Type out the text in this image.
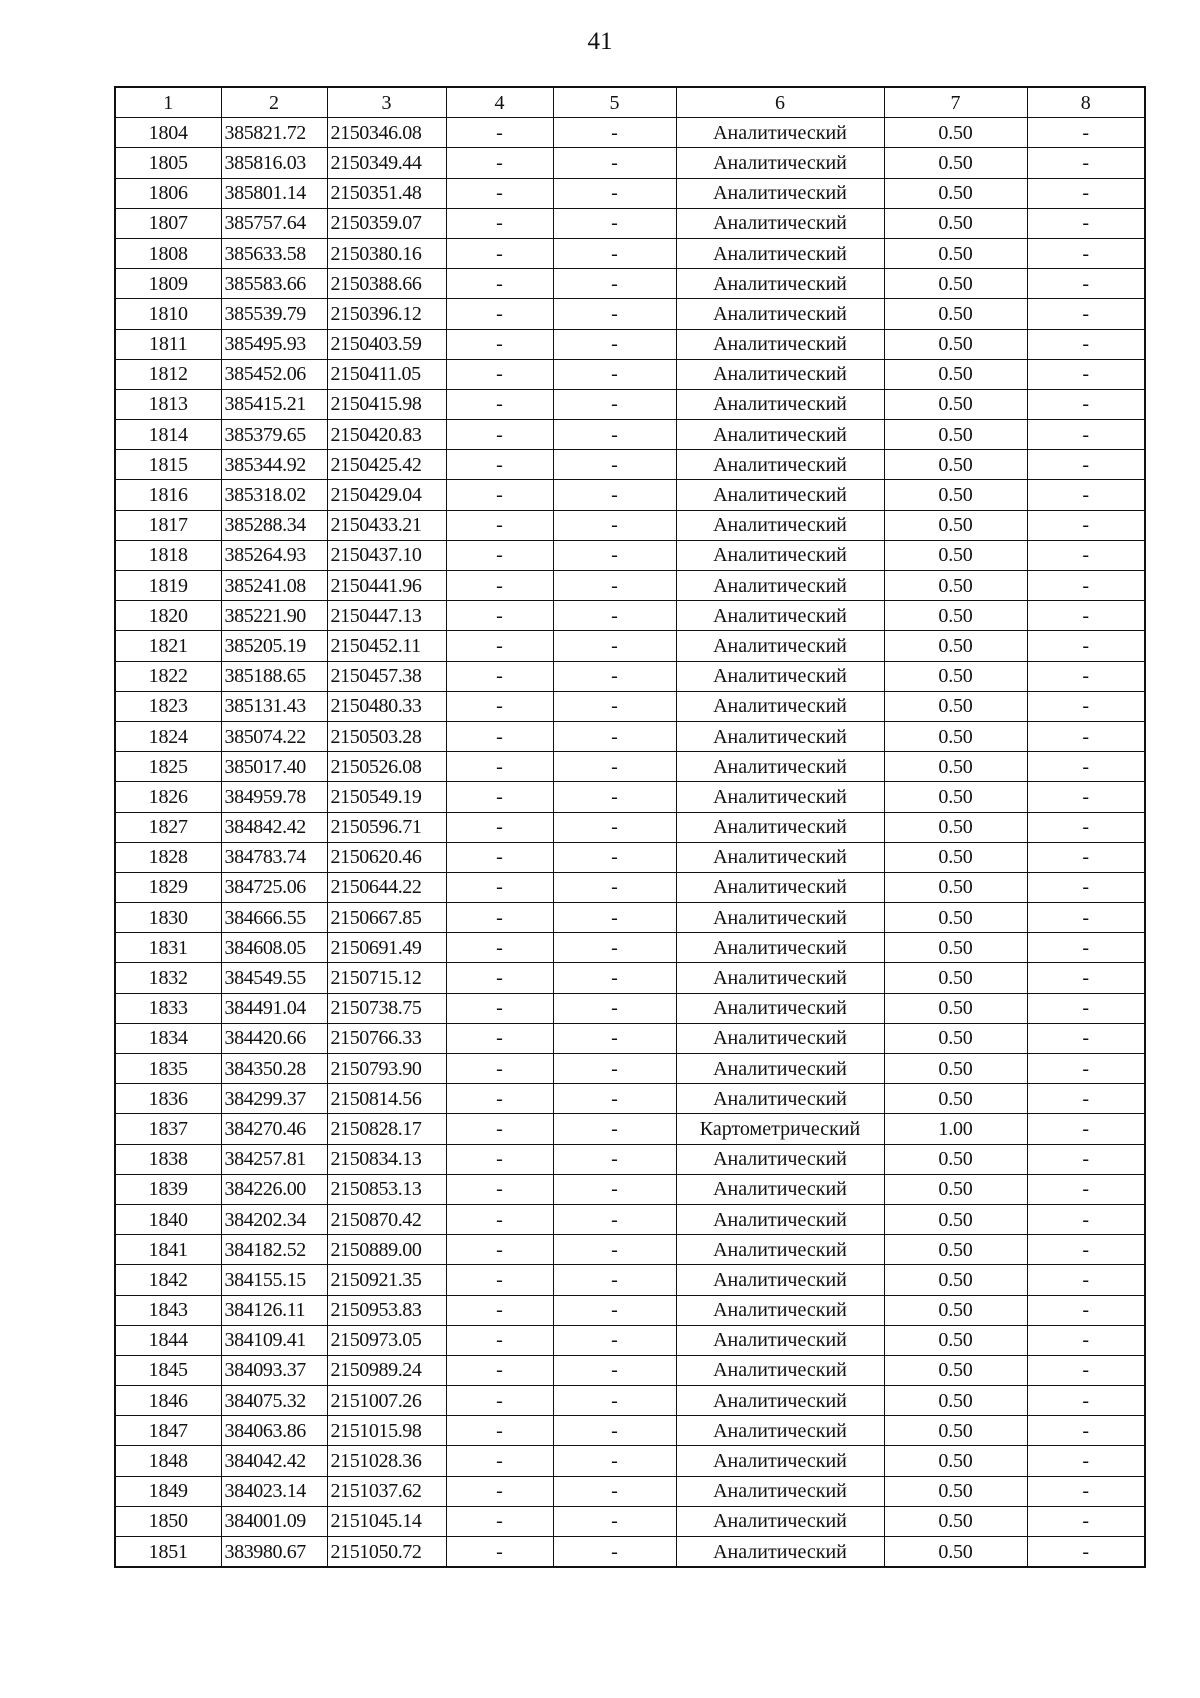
41
1	2	3	4	5	6	7	8
1804	385821.72	2150346.08	-	-	Аналитический	0.50	-
1805	385816.03	2150349.44	-	-	Аналитический	0.50	-
1806	385801.14	2150351.48	-	-	Аналитический	0.50	-
1807	385757.64	2150359.07	-	-	Аналитический	0.50	-
1808	385633.58	2150380.16	-	-	Аналитический	0.50	-
1809	385583.66	2150388.66	-	-	Аналитический	0.50	-
1810	385539.79	2150396.12	-	-	Аналитический	0.50	-
1811	385495.93	2150403.59	-	-	Аналитический	0.50	-
1812	385452.06	2150411.05	-	-	Аналитический	0.50	-
1813	385415.21	2150415.98	-	-	Аналитический	0.50	-
1814	385379.65	2150420.83	-	-	Аналитический	0.50	-
1815	385344.92	2150425.42	-	-	Аналитический	0.50	-
1816	385318.02	2150429.04	-	-	Аналитический	0.50	-
1817	385288.34	2150433.21	-	-	Аналитический	0.50	-
1818	385264.93	2150437.10	-	-	Аналитический	0.50	-
1819	385241.08	2150441.96	-	-	Аналитический	0.50	-
1820	385221.90	2150447.13	-	-	Аналитический	0.50	-
1821	385205.19	2150452.11	-	-	Аналитический	0.50	-
1822	385188.65	2150457.38	-	-	Аналитический	0.50	-
1823	385131.43	2150480.33	-	-	Аналитический	0.50	-
1824	385074.22	2150503.28	-	-	Аналитический	0.50	-
1825	385017.40	2150526.08	-	-	Аналитический	0.50	-
1826	384959.78	2150549.19	-	-	Аналитический	0.50	-
1827	384842.42	2150596.71	-	-	Аналитический	0.50	-
1828	384783.74	2150620.46	-	-	Аналитический	0.50	-
1829	384725.06	2150644.22	-	-	Аналитический	0.50	-
1830	384666.55	2150667.85	-	-	Аналитический	0.50	-
1831	384608.05	2150691.49	-	-	Аналитический	0.50	-
1832	384549.55	2150715.12	-	-	Аналитический	0.50	-
1833	384491.04	2150738.75	-	-	Аналитический	0.50	-
1834	384420.66	2150766.33	-	-	Аналитический	0.50	-
1835	384350.28	2150793.90	-	-	Аналитический	0.50	-
1836	384299.37	2150814.56	-	-	Аналитический	0.50	-
1837	384270.46	2150828.17	-	-	Картометрический	1.00	-
1838	384257.81	2150834.13	-	-	Аналитический	0.50	-
1839	384226.00	2150853.13	-	-	Аналитический	0.50	-
1840	384202.34	2150870.42	-	-	Аналитический	0.50	-
1841	384182.52	2150889.00	-	-	Аналитический	0.50	-
1842	384155.15	2150921.35	-	-	Аналитический	0.50	-
1843	384126.11	2150953.83	-	-	Аналитический	0.50	-
1844	384109.41	2150973.05	-	-	Аналитический	0.50	-
1845	384093.37	2150989.24	-	-	Аналитический	0.50	-
1846	384075.32	2151007.26	-	-	Аналитический	0.50	-
1847	384063.86	2151015.98	-	-	Аналитический	0.50	-
1848	384042.42	2151028.36	-	-	Аналитический	0.50	-
1849	384023.14	2151037.62	-	-	Аналитический	0.50	-
1850	384001.09	2151045.14	-	-	Аналитический	0.50	-
1851	383980.67	2151050.72	-	-	Аналитический	0.50	-
